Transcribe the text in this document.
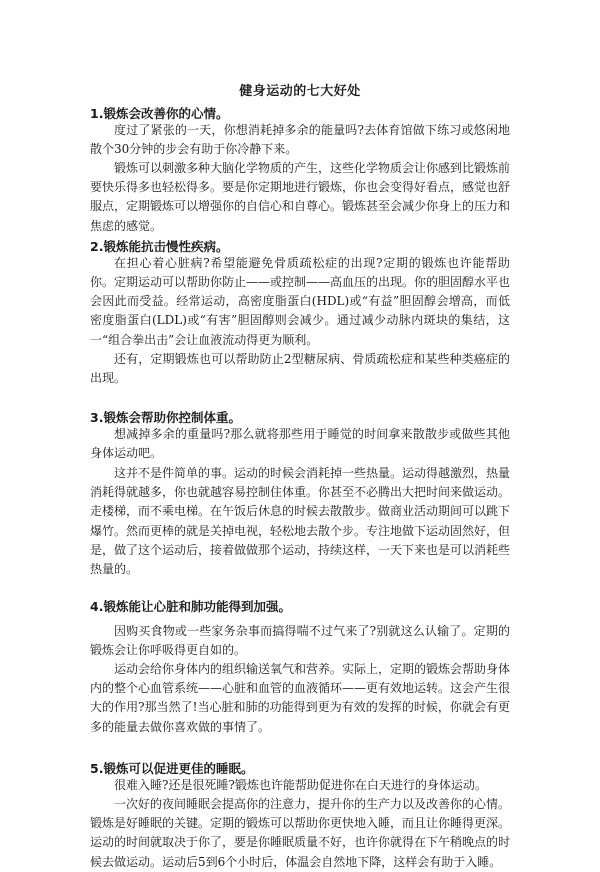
健身运动的七大好处
1.锻炼会改善你的心情。

度过了紧张的一天，你想消耗掉多余的能量吗?去体育馆做下练习或悠闲地散个30分钟的步会有助于你冷静下来。

锻炼可以刺激多种大脑化学物质的产生，这些化学物质会让你感到比锻炼前要快乐得多也轻松得多。要是你定期地进行锻炼，你也会变得好看点，感觉也舒服点，定期锻炼可以增强你的自信心和自尊心。锻炼甚至会减少你身上的压力和焦虑的感觉。

2.锻炼能抗击慢性疾病。

在担心着心脏病?希望能避免骨质疏松症的出现?定期的锻炼也许能帮助你。 定期运动可以帮助你防止——或控制——高血压的出现。你的胆固醇水平也会因此而受益。经常运动，高密度脂蛋白(HDL)或“有益”胆固醇会增高，而低密度脂蛋白(LDL)或“有害”胆固醇则会减少。通过减少动脉内斑块的集结，这一“组合拳出击”会让血液流动得更为顺利。

还有，定期锻炼也可以帮助防止2型糖尿病、骨质疏松症和某些种类癌症的出现。

3.锻炼会帮助你控制体重。

想减掉多余的重量吗?那么就将那些用于睡觉的时间拿来散散步或做些其他身体运动吧。

这并不是件简单的事。运动的时候会消耗掉一些热量。运动得越激烈，热量消耗得就越多，你也就越容易控制住体重。你甚至不必腾出大把时间来做运动。走楼梯，而不乘电梯。在午饭后休息的时候去散散步。做商业活动期间可以跳下爆竹。然而更棒的就是关掉电视，轻松地去散个步。专注地做下运动固然好，但是，做了这个运动后，接着做做那个运动，持续这样，一天下来也是可以消耗些热量的。

4.锻炼能让心脏和肺功能得到加强。

因购买食物或一些家务杂事而搞得喘不过气来了?别就这么认输了。定期的锻炼会让你呼吸得更自如的。

运动会给你身体内的组织输送氧气和营养。实际上，定期的锻炼会帮助身体内的整个心血管系统——心脏和血管的血液循环——更有效地运转。这会产生很大的作用?那当然了!当心脏和肺的功能得到更为有效的发挥的时候，你就会有更多的能量去做你喜欢做的事情了。

5.锻炼可以促进更佳的睡眠。

很难入睡?还是很死睡?锻炼也许能帮助促进你在白天进行的身体运动。

一次好的夜间睡眠会提高你的注意力，提升你的生产力以及改善你的心情。锻炼是好睡眠的关键。定期的锻炼可以帮助你更快地入睡，而且让你睡得更深。运动的时间就取决于你了，要是你睡眠质量不好，也许你就得在下午稍晚点的时候去做运动。运动后5到6个小时后，体温会自然地下降，这样会有助于入睡。
